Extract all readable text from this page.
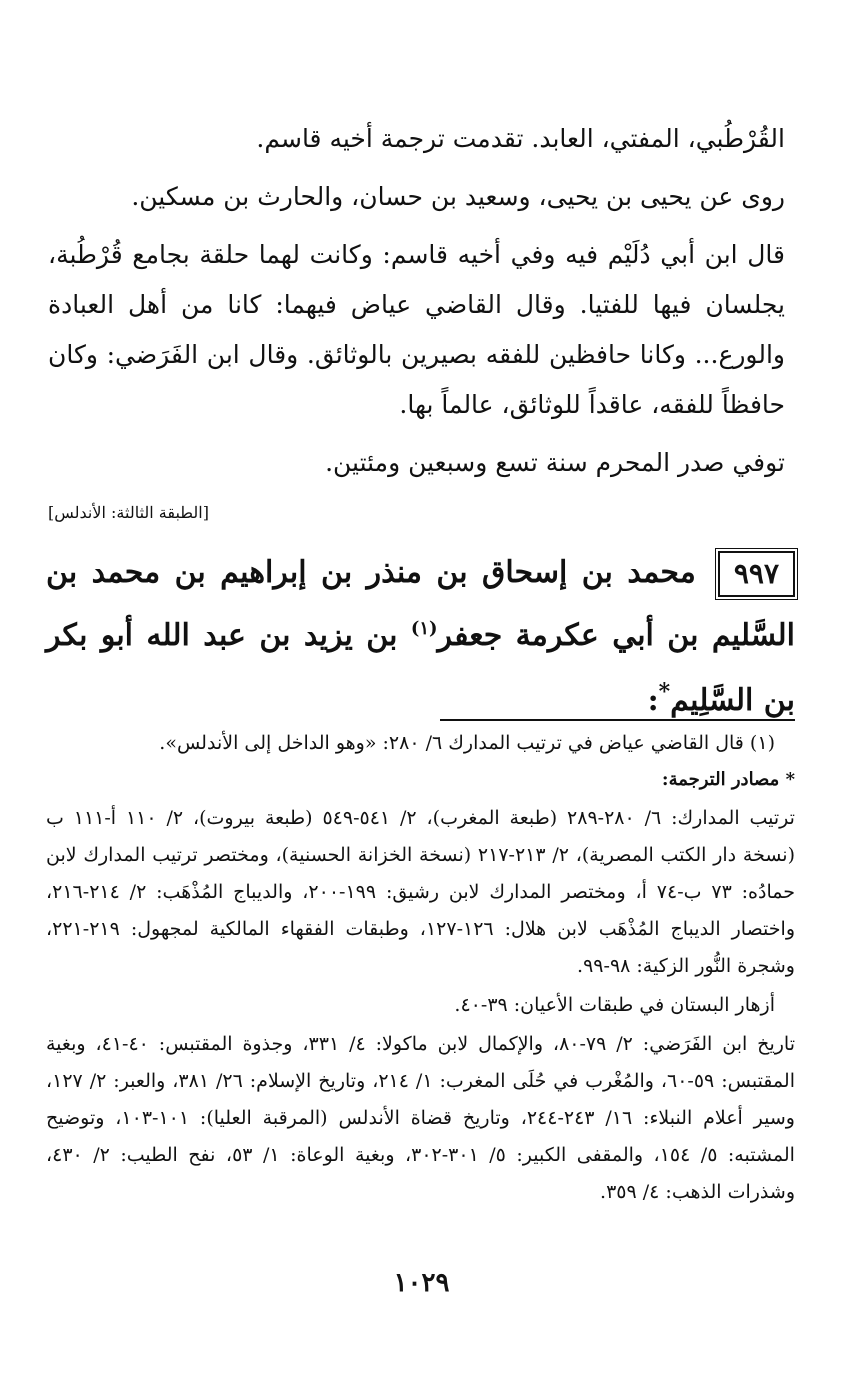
القُرْطُبي، المفتي، العابد. تقدمت ترجمة أخيه قاسم.

روى عن يحيى بن يحيى، وسعيد بن حسان، والحارث بن مسكين.

قال ابن أبي دُلَيْم فيه وفي أخيه قاسم: وكانت لهما حلقة بجامع قُرْطُبة، يجلسان فيها للفتيا. وقال القاضي عياض فيهما: كانا من أهل العبادة والورع... وكانا حافظين للفقه بصيرين بالوثائق. وقال ابن الفَرَضي: وكان حافظاً للفقه، عاقداً للوثائق، عالماً بها.

توفي صدر المحرم سنة تسع وسبعين ومئتين.

[الطبقة الثالثة: الأندلس]

٩٩٧محمد بن إسحاق بن منذر بن إبراهيم بن محمد بن السَّليم بن أبي عكرمة جعفر$^{(١)}$ بن يزيد بن عبد الله أبو بكر بن السَّلِيم*:

(١) قال القاضي عياض في ترتيب المدارك ٦/ ٢٨٠: «وهو الداخل إلى الأندلس».

* مصادر الترجمة:

ترتيب المدارك: ٦/ ٢٨٠-٢٨٩ (طبعة المغرب)، ٢/ ٥٤١-٥٤٩ (طبعة بيروت)، ٢/ ١١٠ أ-١١١ ب (نسخة دار الكتب المصرية)، ٢/ ٢١٣-٢١٧ (نسخة الخزانة الحسنية)، ومختصر ترتيب المدارك لابن حمادُه: ٧٣ ب-٧٤ أ، ومختصر المدارك لابن رشيق: ١٩٩-٢٠٠، والديباج المُذْهَب: ٢/ ٢١٤-٢١٦، واختصار الديباج المُذْهَب لابن هلال: ١٢٦-١٢٧، وطبقات الفقهاء المالكية لمجهول: ٢١٩-٢٢١، وشجرة النُّور الزكية: ٩٨-٩٩.

أزهار البستان في طبقات الأعيان: ٣٩-٤٠.

تاريخ ابن الفَرَضي: ٢/ ٧٩-٨٠، والإكمال لابن ماكولا: ٤/ ٣٣١، وجذوة المقتبس: ٤٠-٤١، وبغية المقتبس: ٥٩-٦٠، والمُغْرب في حُلَى المغرب: ١/ ٢١٤، وتاريخ الإسلام: ٢٦/ ٣٨١، والعبر: ٢/ ١٢٧، وسير أعلام النبلاء: ١٦/ ٢٤٣-٢٤٤، وتاريخ قضاة الأندلس (المرقبة العليا): ١٠١-١٠٣، وتوضيح المشتبه: ٥/ ١٥٤، والمقفى الكبير: ٥/ ٣٠١-٣٠٢، وبغية الوعاة: ١/ ٥٣، نفح الطيب: ٢/ ٤٣٠، وشذرات الذهب: ٤/ ٣٥٩.

١٠٢٩
